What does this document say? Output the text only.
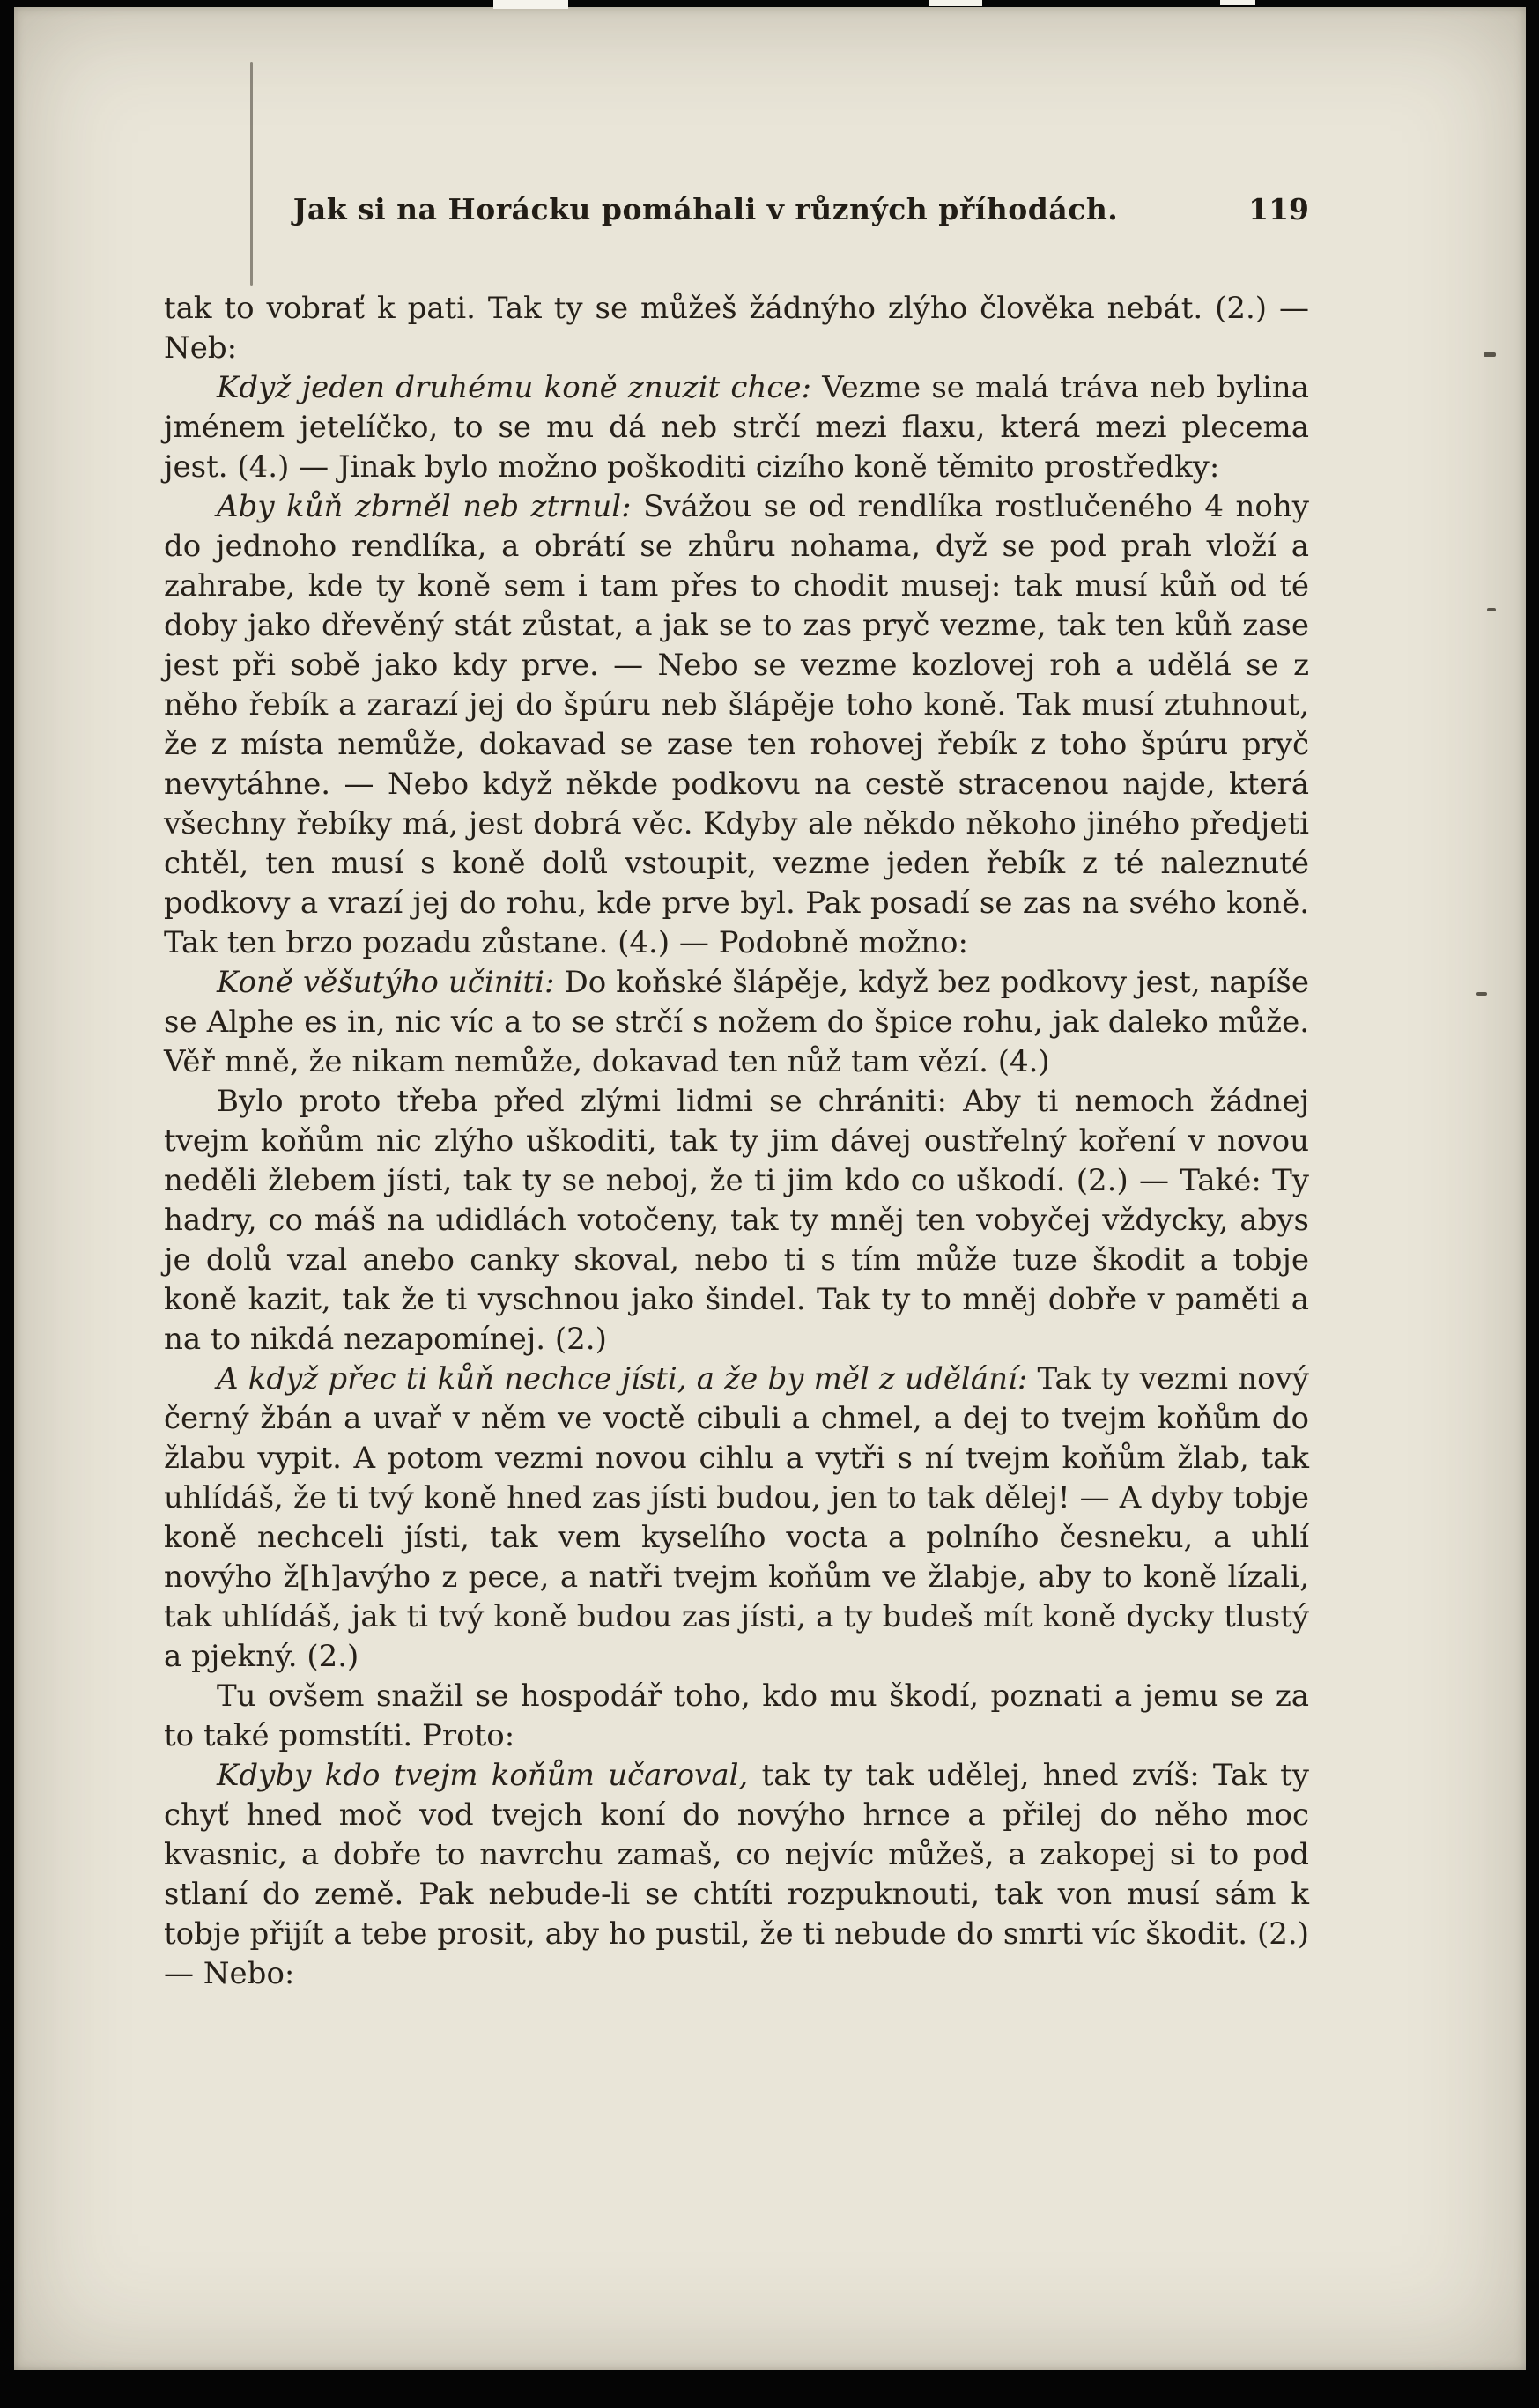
Jak si na Horácku pomáhali v různých příhodách.	119

tak to vobrať k pati. Tak ty se můžeš žádnýho zlýho člověka nebát. (2.) — Neb:

Když jeden druhému koně znuzit chce: Vezme se malá tráva neb bylina jménem jetelíčko, to se mu dá neb strčí mezi flaxu, která mezi plecema jest. (4.) — Jinak bylo možno poškoditi cizího koně těmito prostředky:

Aby kůň zbrněl neb ztrnul: Svážou se od rendlíka rostlučeného 4 nohy do jednoho rendlíka, a obrátí se zhůru nohama, dyž se pod prah vloží a zahrabe, kde ty koně sem i tam přes to chodit musej: tak musí kůň od té doby jako dřevěný stát zůstat, a jak se to zas pryč vezme, tak ten kůň zase jest při sobě jako kdy prve. — Nebo se vezme kozlovej roh a udělá se z něho řebík a zarazí jej do špúru neb šlápěje toho koně. Tak musí ztuhnout, že z místa nemůže, dokavad se zase ten rohovej řebík z toho špúru pryč nevytáhne. — Nebo když někde podkovu na cestě stracenou najde, která všechny řebíky má, jest dobrá věc. Kdyby ale někdo někoho jiného předjeti chtěl, ten musí s koně dolů vstoupit, vezme jeden řebík z té naleznuté podkovy a vrazí jej do rohu, kde prve byl. Pak posadí se zas na svého koně. Tak ten brzo pozadu zůstane. (4.) — Podobně možno:

Koně věšutýho učiniti: Do koňské šlápěje, když bez podkovy jest, napíše se Alphe es in, nic víc a to se strčí s nožem do špice rohu, jak daleko může. Věř mně, že nikam nemůže, dokavad ten nůž tam vězí. (4.)

Bylo proto třeba před zlými lidmi se chrániti: Aby ti nemoch žádnej tvejm koňům nic zlýho uškoditi, tak ty jim dávej oustřelný koření v novou neděli žlebem jísti, tak ty se neboj, že ti jim kdo co uškodí. (2.) — Také: Ty hadry, co máš na udidlách votočeny, tak ty mněj ten vobyčej vždycky, abys je dolů vzal anebo canky skoval, nebo ti s tím může tuze škodit a tobje koně kazit, tak že ti vyschnou jako šindel. Tak ty to mněj dobře v paměti a na to nikdá nezapomínej. (2.)

A když přec ti kůň nechce jísti, a že by měl z udělání: Tak ty vezmi nový černý žbán a uvař v něm ve voctě cibuli a chmel, a dej to tvejm koňům do žlabu vypit. A potom vezmi novou cihlu a vytři s ní tvejm koňům žlab, tak uhlídáš, že ti tvý koně hned zas jísti budou, jen to tak dělej! — A dyby tobje koně nechceli jísti, tak vem kyselího vocta a polního česneku, a uhlí novýho ž[h]avýho z pece, a natři tvejm koňům ve žlabje, aby to koně lízali, tak uhlídáš, jak ti tvý koně budou zas jísti, a ty budeš mít koně dycky tlustý a pjekný. (2.)

Tu ovšem snažil se hospodář toho, kdo mu škodí, poznati a jemu se za to také pomstíti. Proto:

Kdyby kdo tvejm koňům učaroval, tak ty tak udělej, hned zvíš: Tak ty chyť hned moč vod tvejch koní do novýho hrnce a přilej do něho moc kvasnic, a dobře to navrchu zamaš, co nejvíc můžeš, a zakopej si to pod stlaní do země. Pak nebude-li se chtíti rozpuknouti, tak von musí sám k tobje přijít a tebe prosit, aby ho pustil, že ti nebude do smrti víc škodit. (2.) — Nebo:
